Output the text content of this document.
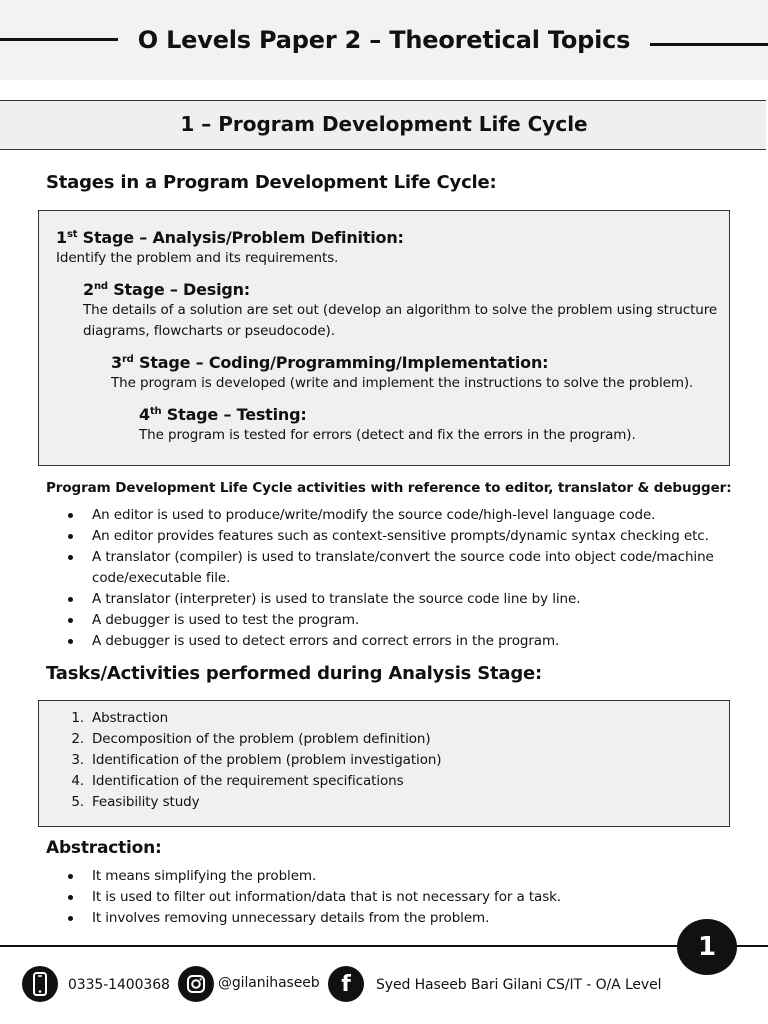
O Levels Paper 2 – Theoretical Topics
1 – Program Development Life Cycle
Stages in a Program Development Life Cycle:
1st Stage – Analysis/Problem Definition:
Identify the problem and its requirements.
2nd Stage – Design:
The details of a solution are set out (develop an algorithm to solve the problem using structure
diagrams, flowcharts or pseudocode).
3rd Stage – Coding/Programming/Implementation:
The program is developed (write and implement the instructions to solve the problem).
4th Stage – Testing:
The program is tested for errors (detect and fix the errors in the program).
Program Development Life Cycle activities with reference to editor, translator & debugger:
An editor is used to produce/write/modify the source code/high-level language code.
An editor provides features such as context-sensitive prompts/dynamic syntax checking etc.
A translator (compiler) is used to translate/convert the source code into object code/machine
code/executable file.
A translator (interpreter) is used to translate the source code line by line.
A debugger is used to test the program.
A debugger is used to detect errors and correct errors in the program.
Tasks/Activities performed during Analysis Stage:
1. Abstraction
2. Decomposition of the problem (problem definition)
3. Identification of the problem (problem investigation)
4. Identification of the requirement specifications
5. Feasibility study
Abstraction:
It means simplifying the problem.
It is used to filter out information/data that is not necessary for a task.
It involves removing unnecessary details from the problem.
1
0335-1400368	@gilanihaseeb f	Syed Haseeb Bari Gilani CS/IT - O/A Level
